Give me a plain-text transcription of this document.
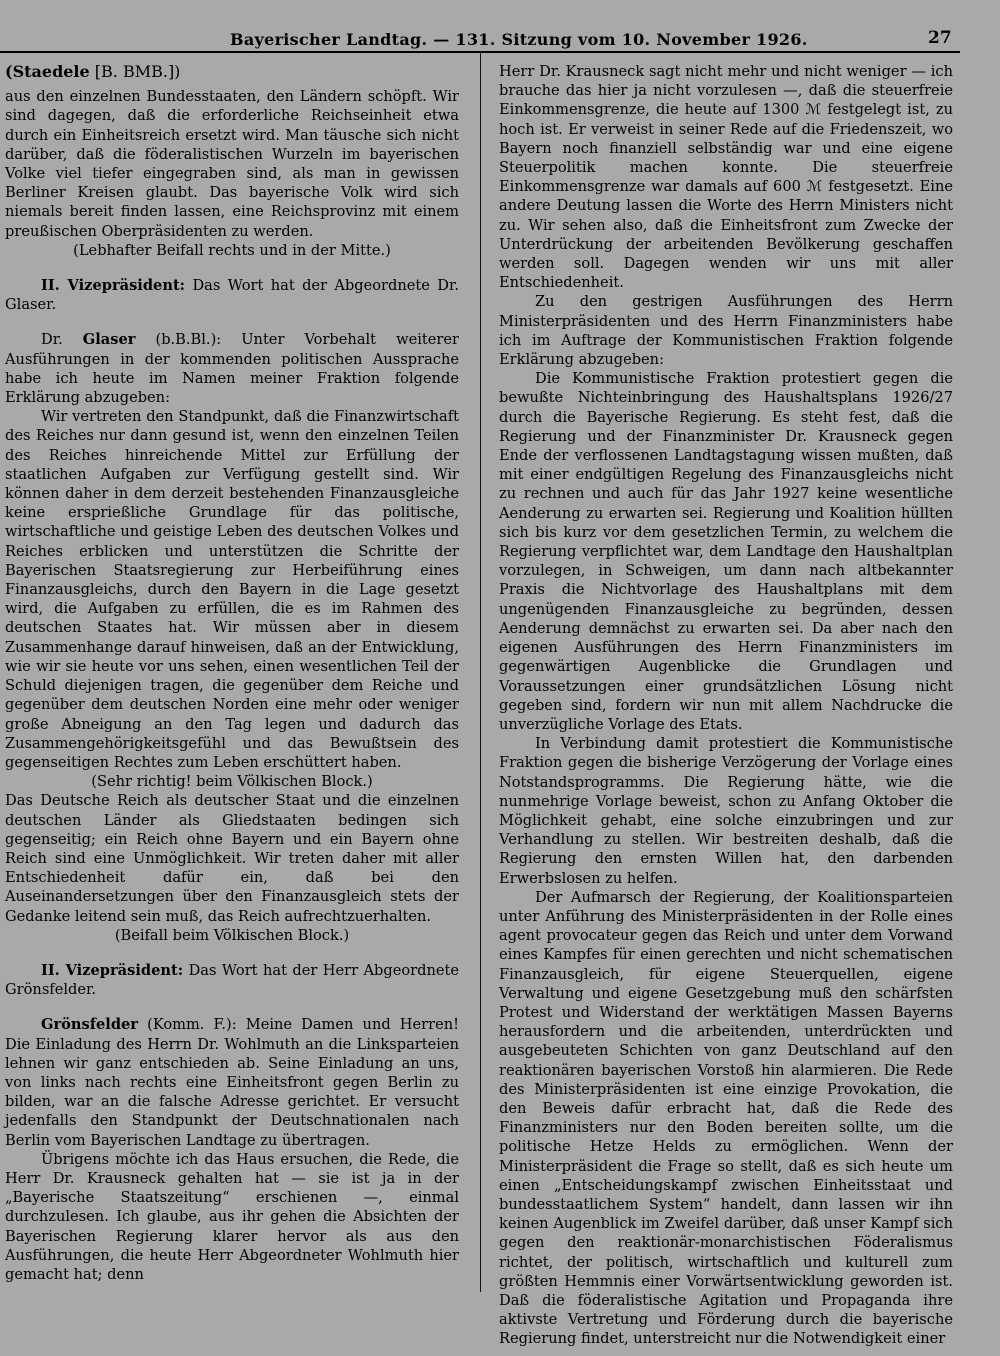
Bayerischer Landtag. — 131. Sitzung vom 10. November 1926.	27

(Staedele [B. BMB.])

aus den einzelnen Bundesstaaten, den Ländern schöpft. Wir sind dagegen, daß die erforderliche Reichseinheit etwa durch ein Einheitsreich ersetzt wird. Man täusche sich nicht darüber, daß die föderalistischen Wurzeln im bayerischen Volke viel tiefer eingegraben sind, als man in gewissen Berliner Kreisen glaubt. Das bayerische Volk wird sich niemals bereit finden lassen, eine Reichsprovinz mit einem preußischen Oberpräsidenten zu werden.

(Lebhafter Beifall rechts und in der Mitte.)

II. Vizepräsident: Das Wort hat der Abgeordnete Dr. Glaser.

Dr. Glaser (b.B.Bl.): Unter Vorbehalt weiterer Ausführungen in der kommenden politischen Aussprache habe ich heute im Namen meiner Fraktion folgende Erklärung abzugeben:

Wir vertreten den Standpunkt, daß die Finanzwirtschaft des Reiches nur dann gesund ist, wenn den einzelnen Teilen des Reiches hinreichende Mittel zur Erfüllung der staatlichen Aufgaben zur Verfügung gestellt sind. Wir können daher in dem derzeit bestehenden Finanzausgleiche keine ersprießliche Grundlage für das politische, wirtschaftliche und geistige Leben des deutschen Volkes und Reiches erblicken und unterstützen die Schritte der Bayerischen Staatsregierung zur Herbeiführung eines Finanzausgleichs, durch den Bayern in die Lage gesetzt wird, die Aufgaben zu erfüllen, die es im Rahmen des deutschen Staates hat. Wir müssen aber in diesem Zusammenhange darauf hinweisen, daß an der Entwicklung, wie wir sie heute vor uns sehen, einen wesentlichen Teil der Schuld diejenigen tragen, die gegenüber dem Reiche und gegenüber dem deutschen Norden eine mehr oder weniger große Abneigung an den Tag legen und dadurch das Zusammengehörigkeitsgefühl und das Bewußtsein des gegenseitigen Rechtes zum Leben erschüttert haben.

(Sehr richtig! beim Völkischen Block.)

Das Deutsche Reich als deutscher Staat und die einzelnen deutschen Länder als Gliedstaaten bedingen sich gegenseitig; ein Reich ohne Bayern und ein Bayern ohne Reich sind eine Unmöglichkeit. Wir treten daher mit aller Entschiedenheit dafür ein, daß bei den Auseinandersetzungen über den Finanzausgleich stets der Gedanke leitend sein muß, das Reich aufrechtzuerhalten.

(Beifall beim Völkischen Block.)

II. Vizepräsident: Das Wort hat der Herr Abgeordnete Grönsfelder.

Grönsfelder (Komm. F.): Meine Damen und Herren! Die Einladung des Herrn Dr. Wohlmuth an die Linksparteien lehnen wir ganz entschieden ab. Seine Einladung an uns, von links nach rechts eine Einheitsfront gegen Berlin zu bilden, war an die falsche Adresse gerichtet. Er versucht jedenfalls den Standpunkt der Deutschnationalen nach Berlin vom Bayerischen Landtage zu übertragen.

Übrigens möchte ich das Haus ersuchen, die Rede, die Herr Dr. Krausneck gehalten hat — sie ist ja in der „Bayerische Staatszeitung“ erschienen —, einmal durchzulesen. Ich glaube, aus ihr gehen die Absichten der Bayerischen Regierung klarer hervor als aus den Ausführungen, die heute Herr Abgeordneter Wohlmuth hier gemacht hat; denn

Herr Dr. Krausneck sagt nicht mehr und nicht weniger — ich brauche das hier ja nicht vorzulesen —, daß die steuerfreie Einkommensgrenze, die heute auf 1300 ℳ festgelegt ist, zu hoch ist. Er verweist in seiner Rede auf die Friedenszeit, wo Bayern noch finanziell selbständig war und eine eigene Steuerpolitik machen konnte. Die steuerfreie Einkommensgrenze war damals auf 600 ℳ festgesetzt. Eine andere Deutung lassen die Worte des Herrn Ministers nicht zu. Wir sehen also, daß die Einheitsfront zum Zwecke der Unterdrückung der arbeitenden Bevölkerung geschaffen werden soll. Dagegen wenden wir uns mit aller Entschiedenheit.

Zu den gestrigen Ausführungen des Herrn Ministerpräsidenten und des Herrn Finanzministers habe ich im Auftrage der Kommunistischen Fraktion folgende Erklärung abzugeben:

Die Kommunistische Fraktion protestiert gegen die bewußte Nichteinbringung des Haushaltsplans 1926/27 durch die Bayerische Regierung. Es steht fest, daß die Regierung und der Finanzminister Dr. Krausneck gegen Ende der verflossenen Landtagstagung wissen mußten, daß mit einer endgültigen Regelung des Finanzausgleichs nicht zu rechnen und auch für das Jahr 1927 keine wesentliche Aenderung zu erwarten sei. Regierung und Koalition hüllten sich bis kurz vor dem gesetzlichen Termin, zu welchem die Regierung verpflichtet war, dem Landtage den Haushaltplan vorzulegen, in Schweigen, um dann nach altbekannter Praxis die Nichtvorlage des Haushaltplans mit dem ungenügenden Finanzausgleiche zu begründen, dessen Aenderung demnächst zu erwarten sei. Da aber nach den eigenen Ausführungen des Herrn Finanzministers im gegenwärtigen Augenblicke die Grundlagen und Voraussetzungen einer grundsätzlichen Lösung nicht gegeben sind, fordern wir nun mit allem Nachdrucke die unverzügliche Vorlage des Etats.

In Verbindung damit protestiert die Kommunistische Fraktion gegen die bisherige Verzögerung der Vorlage eines Notstandsprogramms. Die Regierung hätte, wie die nunmehrige Vorlage beweist, schon zu Anfang Oktober die Möglichkeit gehabt, eine solche einzubringen und zur Verhandlung zu stellen. Wir bestreiten deshalb, daß die Regierung den ernsten Willen hat, den darbenden Erwerbslosen zu helfen.

Der Aufmarsch der Regierung, der Koalitionsparteien unter Anführung des Ministerpräsidenten in der Rolle eines agent provocateur gegen das Reich und unter dem Vorwand eines Kampfes für einen gerechten und nicht schematischen Finanzausgleich, für eigene Steuerquellen, eigene Verwaltung und eigene Gesetzgebung muß den schärfsten Protest und Widerstand der werktätigen Massen Bayerns herausfordern und die arbeitenden, unterdrückten und ausgebeuteten Schichten von ganz Deutschland auf den reaktionären bayerischen Vorstoß hin alarmieren. Die Rede des Ministerpräsidenten ist eine einzige Provokation, die den Beweis dafür erbracht hat, daß die Rede des Finanzministers nur den Boden bereiten sollte, um die politische Hetze Helds zu ermöglichen. Wenn der Ministerpräsident die Frage so stellt, daß es sich heute um einen „Entscheidungskampf zwischen Einheitsstaat und bundesstaatlichem System“ handelt, dann lassen wir ihn keinen Augenblick im Zweifel darüber, daß unser Kampf sich gegen den reaktionär-monarchistischen Föderalismus richtet, der politisch, wirtschaftlich und kulturell zum größten Hemmnis einer Vorwärtsentwicklung geworden ist. Daß die föderalistische Agitation und Propaganda ihre aktivste Vertretung und Förderung durch die bayerische Regierung findet, unterstreicht nur die Notwendigkeit einer
